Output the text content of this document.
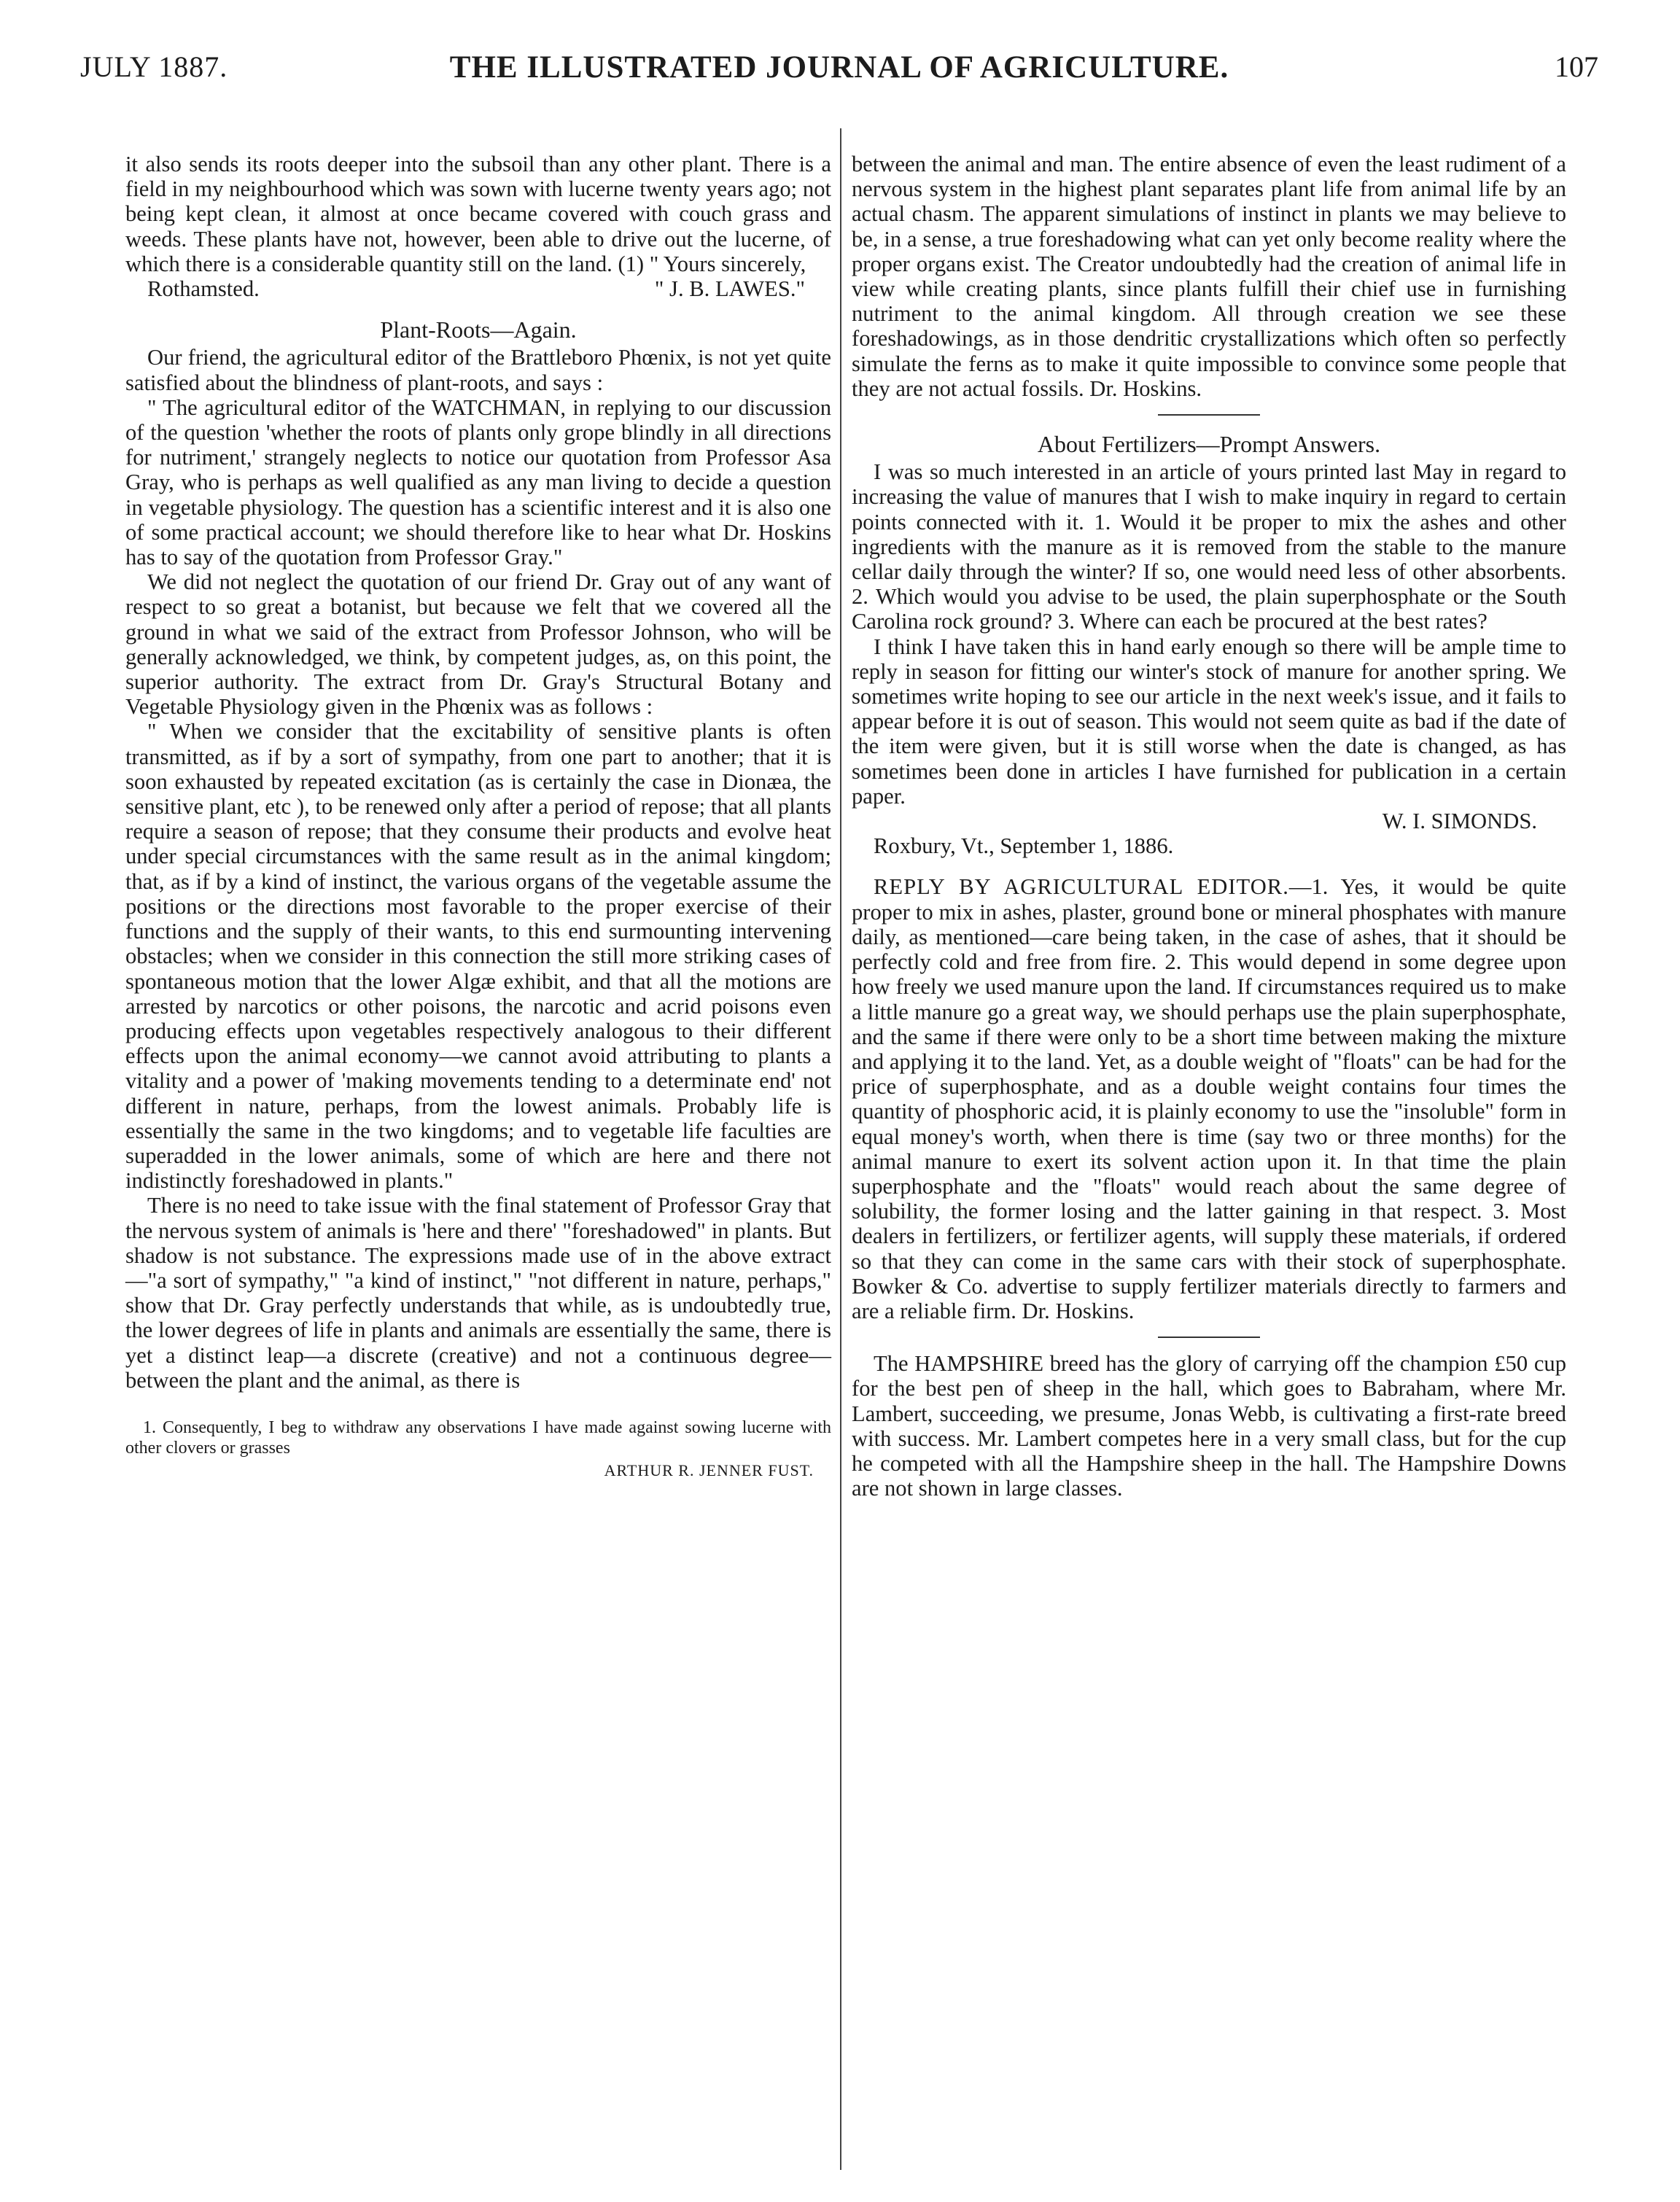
JULY 1887.	THE ILLUSTRATED JOURNAL OF AGRICULTURE.	107

it also sends its roots deeper into the subsoil than any other plant. There is a field in my neighbourhood which was sown with lucerne twenty years ago; not being kept clean, it almost at once became covered with couch grass and weeds. These plants have not, however, been able to drive out the lucerne, of which there is a considerable quantity still on the land. (1) " Yours sincerely,

Rothamsted.	" J. B. LAWES."
Plant-Roots—Again.

Our friend, the agricultural editor of the Brattleboro Phœnix, is not yet quite satisfied about the blindness of plant-roots, and says :

" The agricultural editor of the WATCHMAN, in replying to our discussion of the question 'whether the roots of plants only grope blindly in all directions for nutriment,' strangely neglects to notice our quotation from Professor Asa Gray, who is perhaps as well qualified as any man living to decide a question in vegetable physiology. The question has a scientific interest and it is also one of some practical account; we should therefore like to hear what Dr. Hoskins has to say of the quotation from Professor Gray."

We did not neglect the quotation of our friend Dr. Gray out of any want of respect to so great a botanist, but because we felt that we covered all the ground in what we said of the extract from Professor Johnson, who will be generally acknowledged, we think, by competent judges, as, on this point, the superior authority. The extract from Dr. Gray's Structural Botany and Vegetable Physiology given in the Phœnix was as follows :

" When we consider that the excitability of sensitive plants is often transmitted, as if by a sort of sympathy, from one part to another; that it is soon exhausted by repeated excitation (as is certainly the case in Dionæa, the sensitive plant, etc ), to be renewed only after a period of repose; that all plants require a season of repose; that they consume their products and evolve heat under special circumstances with the same result as in the animal kingdom; that, as if by a kind of instinct, the various organs of the vegetable assume the positions or the directions most favorable to the proper exercise of their functions and the supply of their wants, to this end surmounting intervening obstacles; when we consider in this connection the still more striking cases of spontaneous motion that the lower Algæ exhibit, and that all the motions are arrested by narcotics or other poisons, the narcotic and acrid poisons even producing effects upon vegetables respectively analogous to their different effects upon the animal economy—we cannot avoid attributing to plants a vitality and a power of 'making movements tending to a determinate end' not different in nature, perhaps, from the lowest animals. Probably life is essentially the same in the two kingdoms; and to vegetable life faculties are superadded in the lower animals, some of which are here and there not indistinctly foreshadowed in plants."

There is no need to take issue with the final statement of Professor Gray that the nervous system of animals is 'here and there' "foreshadowed" in plants. But shadow is not substance. The expressions made use of in the above extract —"a sort of sympathy," "a kind of instinct," "not different in nature, perhaps," show that Dr. Gray perfectly understands that while, as is undoubtedly true, the lower degrees of life in plants and animals are essentially the same, there is yet a distinct leap—a discrete (creative) and not a continuous degree—between the plant and the animal, as there is

1. Consequently, I beg to withdraw any observations I have made against sowing lucerne with other clovers or grasses

ARTHUR R. JENNER FUST.

between the animal and man. The entire absence of even the least rudiment of a nervous system in the highest plant separates plant life from animal life by an actual chasm. The apparent simulations of instinct in plants we may believe to be, in a sense, a true foreshadowing what can yet only become reality where the proper organs exist. The Creator undoubtedly had the creation of animal life in view while creating plants, since plants fulfill their chief use in furnishing nutriment to the animal kingdom. All through creation we see these foreshadowings, as in those dendritic crystallizations which often so perfectly simulate the ferns as to make it quite impossible to convince some people that they are not actual fossils. Dr. Hoskins.

About Fertilizers—Prompt Answers.

I was so much interested in an article of yours printed last May in regard to increasing the value of manures that I wish to make inquiry in regard to certain points connected with it. 1. Would it be proper to mix the ashes and other ingredients with the manure as it is removed from the stable to the manure cellar daily through the winter? If so, one would need less of other absorbents. 2. Which would you advise to be used, the plain superphosphate or the South Carolina rock ground? 3. Where can each be procured at the best rates?

I think I have taken this in hand early enough so there will be ample time to reply in season for fitting our winter's stock of manure for another spring. We sometimes write hoping to see our article in the next week's issue, and it fails to appear before it is out of season. This would not seem quite as bad if the date of the item were given, but it is still worse when the date is changed, as has sometimes been done in articles I have furnished for publication in a certain paper.

W. I. SIMONDS.

Roxbury, Vt., September 1, 1886.

REPLY BY AGRICULTURAL EDITOR.—1. Yes, it would be quite proper to mix in ashes, plaster, ground bone or mineral phosphates with manure daily, as mentioned—care being taken, in the case of ashes, that it should be perfectly cold and free from fire. 2. This would depend in some degree upon how freely we used manure upon the land. If circumstances required us to make a little manure go a great way, we should perhaps use the plain superphosphate, and the same if there were only to be a short time between making the mixture and applying it to the land. Yet, as a double weight of "floats" can be had for the price of superphosphate, and as a double weight contains four times the quantity of phosphoric acid, it is plainly economy to use the "insoluble" form in equal money's worth, when there is time (say two or three months) for the animal manure to exert its solvent action upon it. In that time the plain superphosphate and the "floats" would reach about the same degree of solubility, the former losing and the latter gaining in that respect. 3. Most dealers in fertilizers, or fertilizer agents, will supply these materials, if ordered so that they can come in the same cars with their stock of superphosphate. Bowker & Co. advertise to supply fertilizer materials directly to farmers and are a reliable firm. Dr. Hoskins.

The HAMPSHIRE breed has the glory of carrying off the champion £50 cup for the best pen of sheep in the hall, which goes to Babraham, where Mr. Lambert, succeeding, we presume, Jonas Webb, is cultivating a first-rate breed with success. Mr. Lambert competes here in a very small class, but for the cup he competed with all the Hampshire sheep in the hall. The Hampshire Downs are not shown in large classes.
